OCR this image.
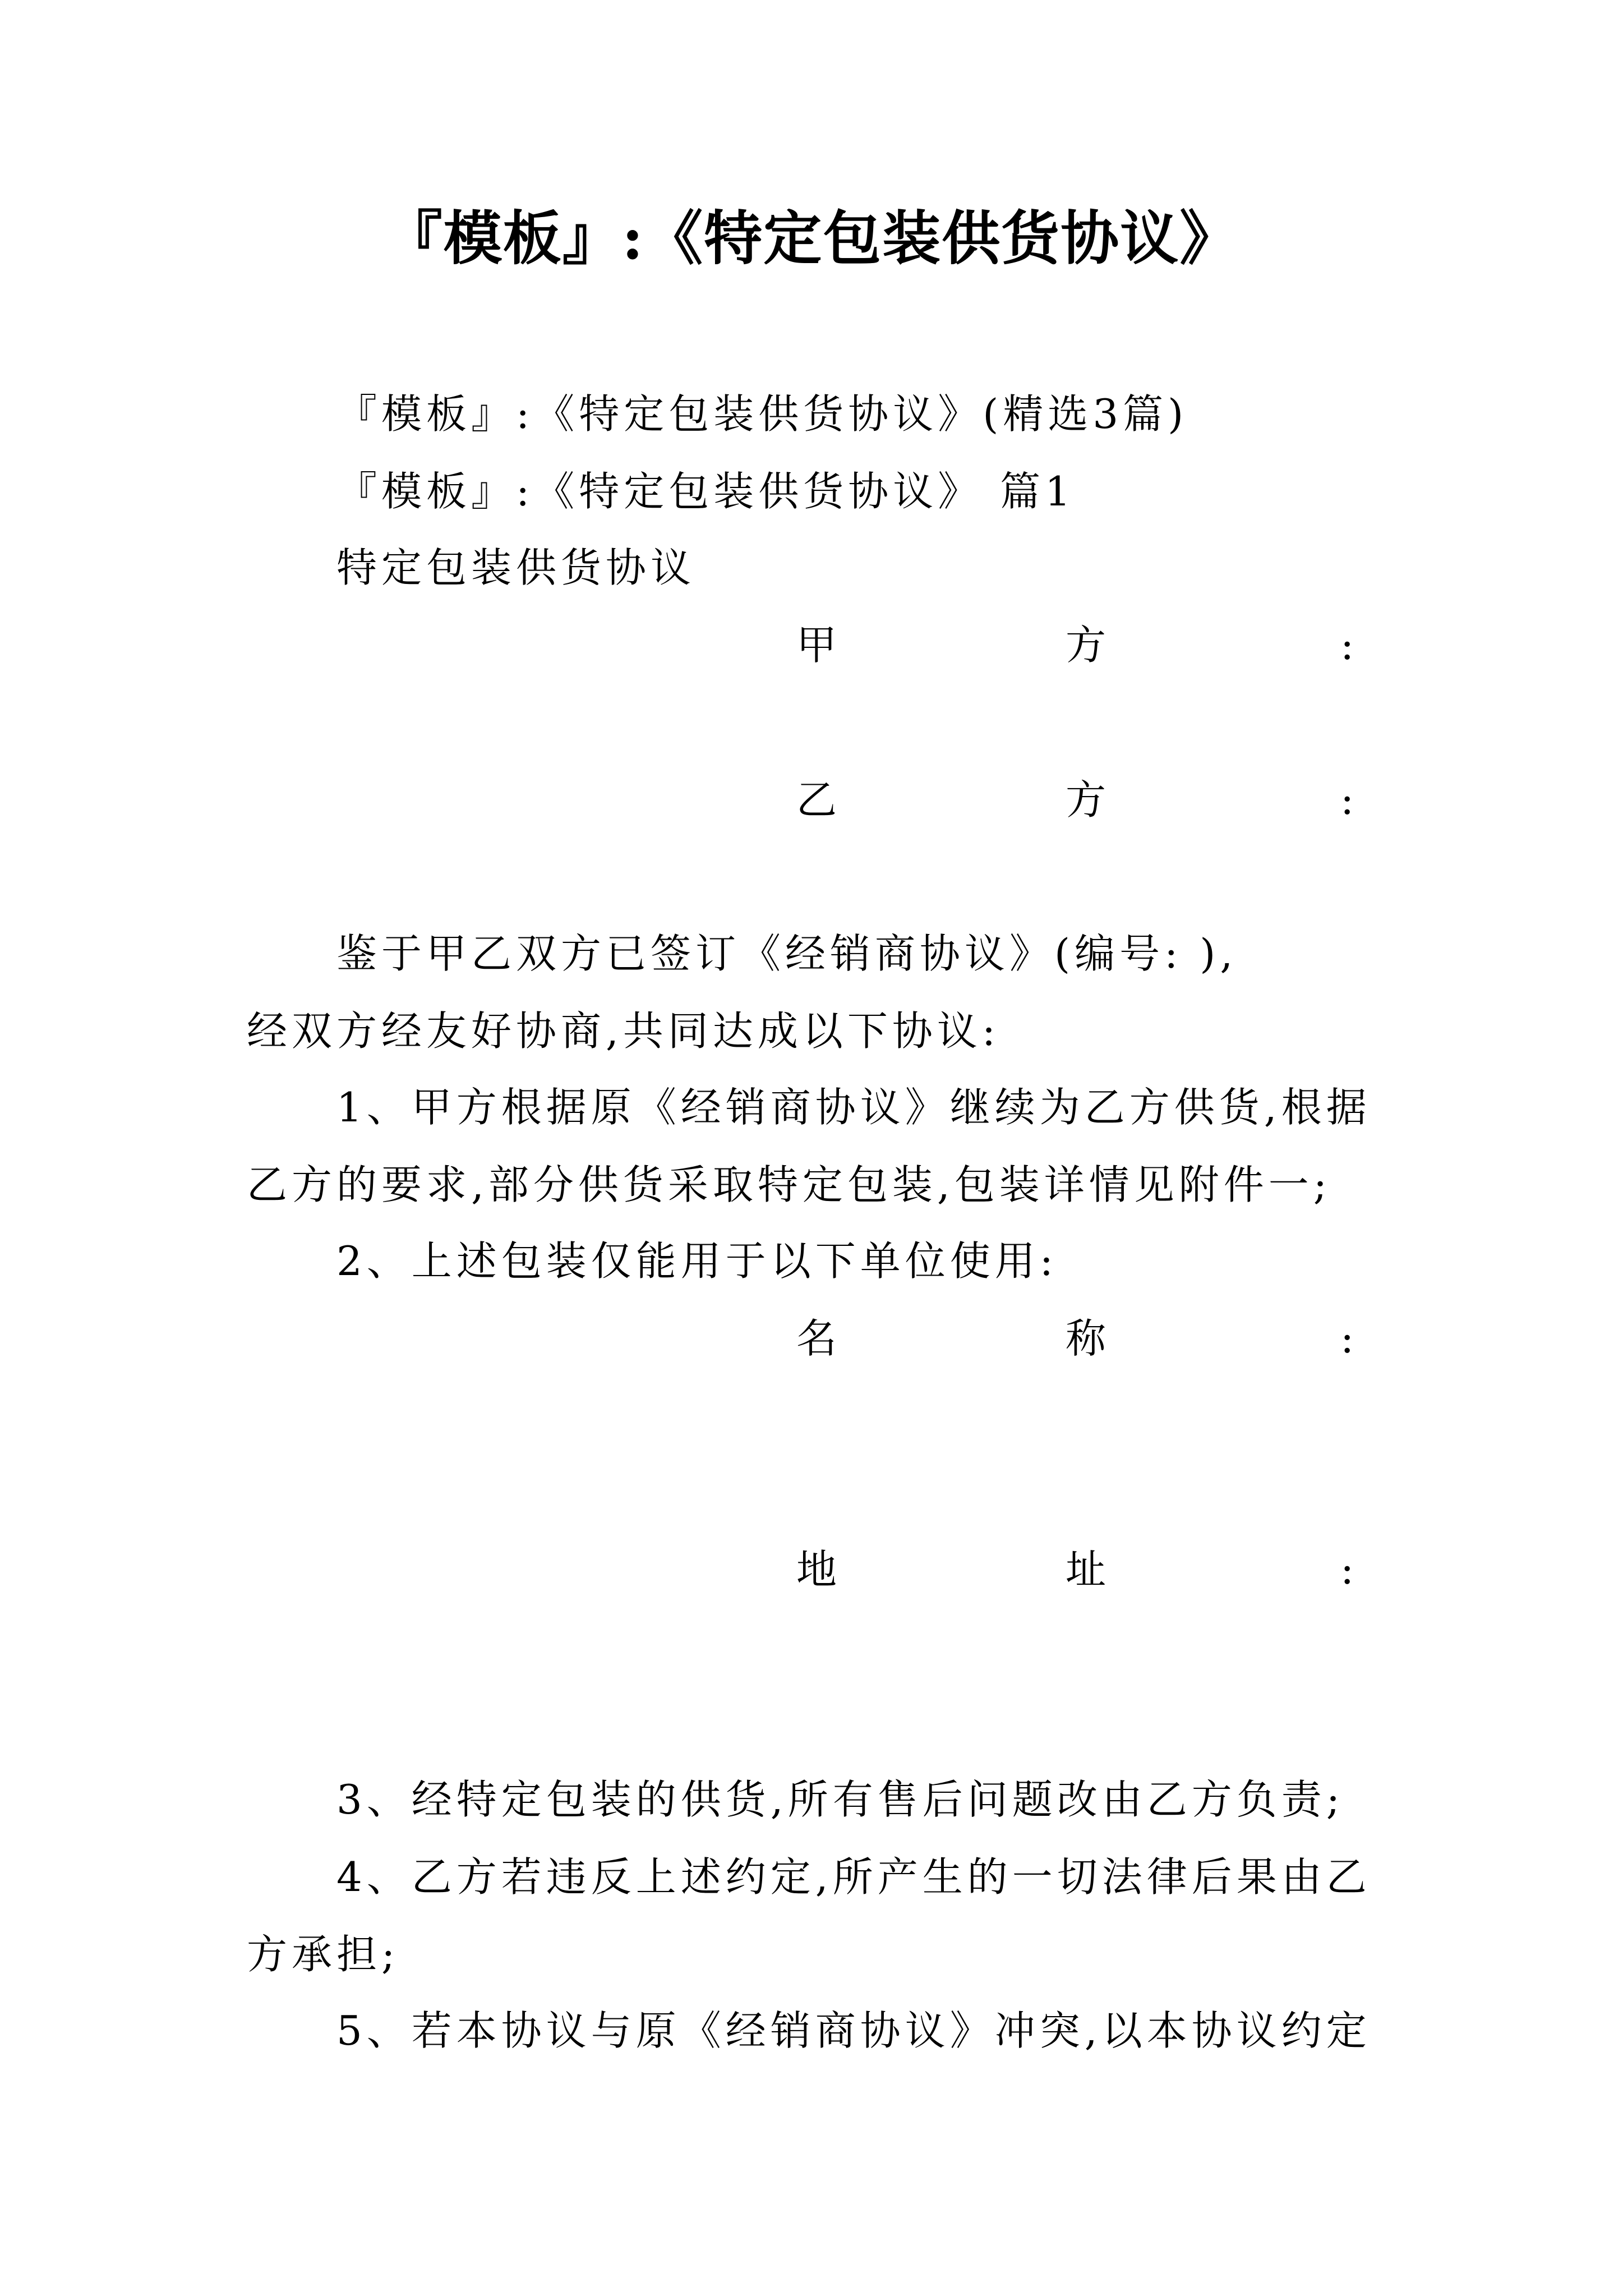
『模板』:《特定包装供货协议》
『模板』:《特定包装供货协议》(精选3篇)
『模板』:《特定包装供货协议》 篇1
特定包装供货协议
甲	方	:
乙	方	:
鉴于甲乙双方已签订《经销商协议》(编号: ),
经双方经友好协商,共同达成以下协议:
1、甲方根据原《经销商协议》继续为乙方供货,根据
乙方的要求,部分供货采取特定包装,包装详情见附件一;
2、上述包装仅能用于以下单位使用:
名	称	:
地	址	:
3、经特定包装的供货,所有售后问题改由乙方负责;
4、乙方若违反上述约定,所产生的一切法律后果由乙
方承担;
5、若本协议与原《经销商协议》冲突,以本协议约定
